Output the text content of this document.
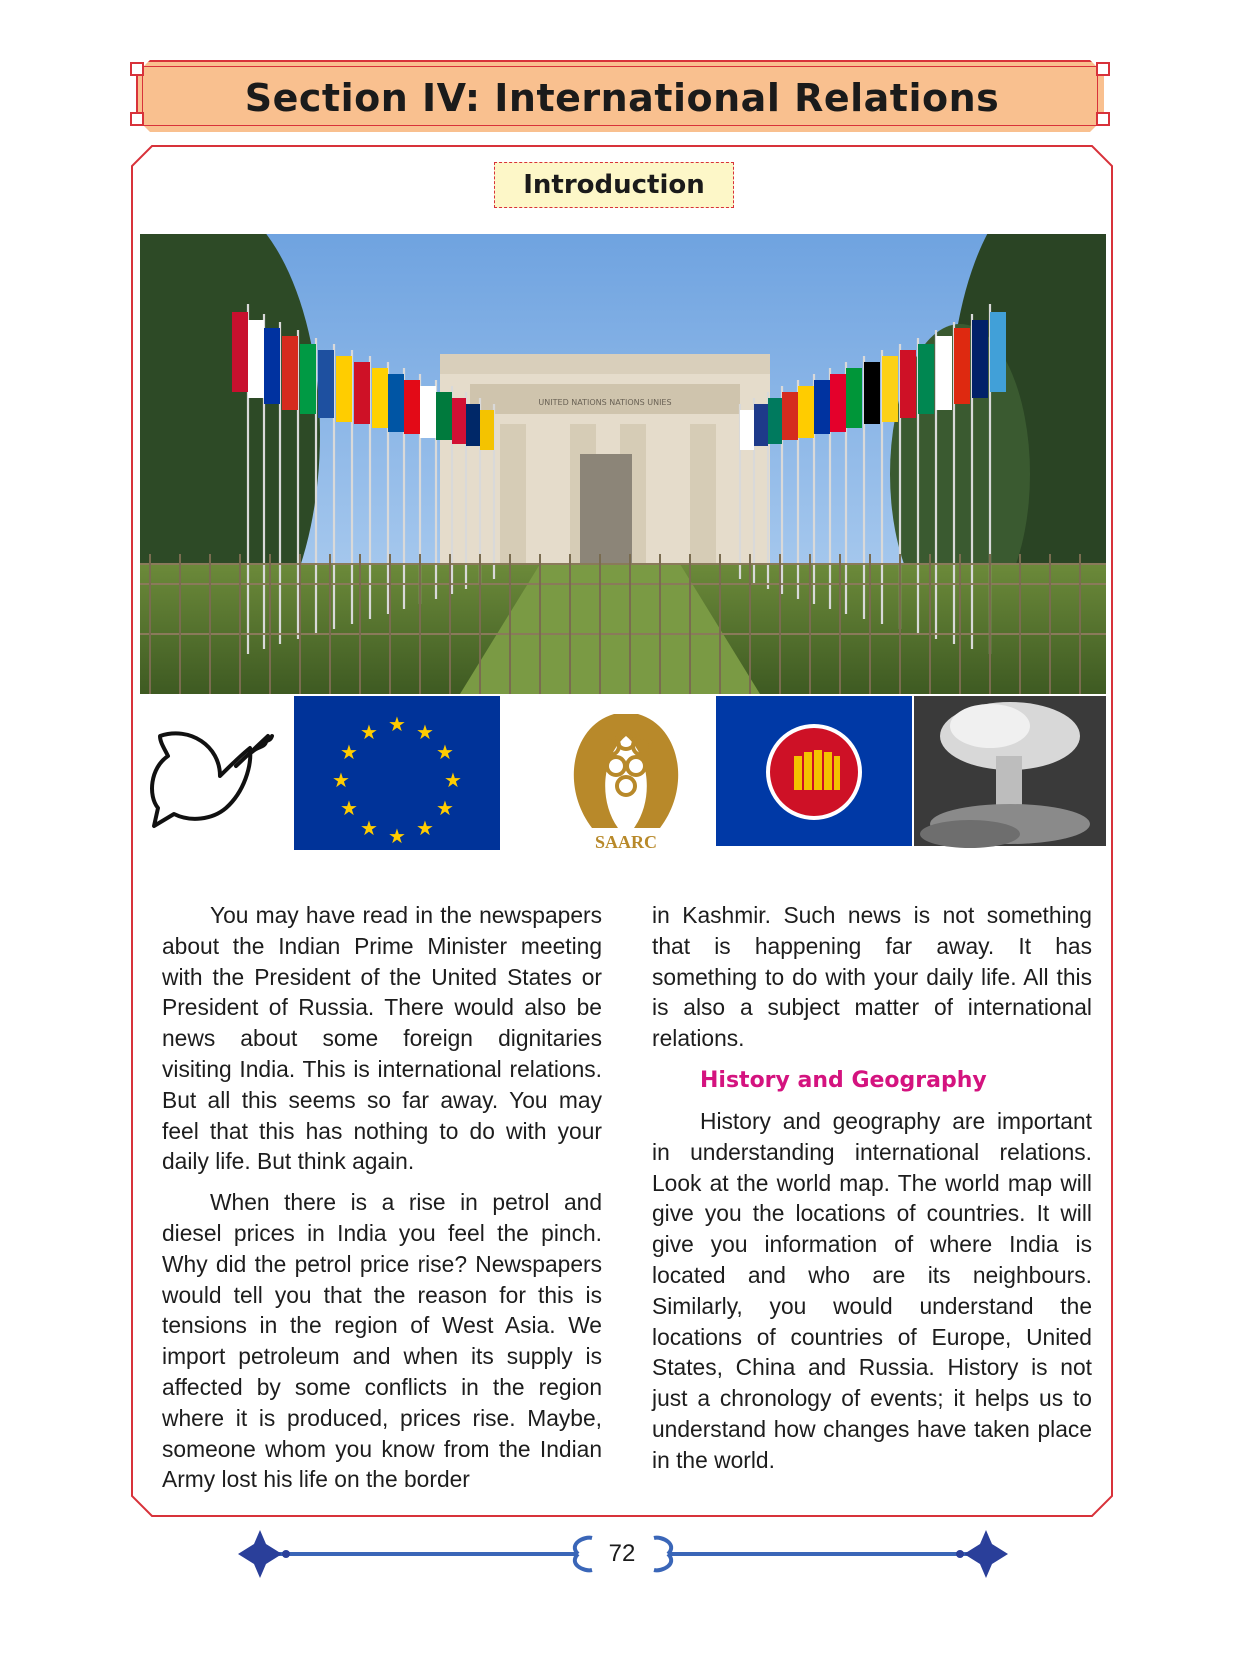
Section IV: International Relations
Introduction
UNITED NATIONS NATIONS UNIES
★ ★
★
★
★
★
★
★
★
★
★
★
SAARC

You may have read in the newspapers about the Indian Prime Minister meeting with the President of the United States or President of Russia. There would also be news about some foreign dignitaries visiting India. This is international relations. But all this seems so far away. You may feel that this has nothing to do with your daily life. But think again.

When there is a rise in petrol and diesel prices in India you feel the pinch. Why did the petrol price rise? Newspapers would tell you that the reason for this is tensions in the region of West Asia. We import petroleum and when its supply is affected by some conflicts in the region where it is produced, prices rise. Maybe, someone whom you know from the Indian Army lost his life on the border

in Kashmir. Such news is not something that is happening far away. It has something to do with your daily life. All this is also a subject matter of international relations.

History and Geography

History and geography are important in understanding international relations. Look at the world map. The world map will give you the locations of countries. It will give you information of where India is located and who are its neighbours. Similarly, you would understand the locations of countries of Europe, United States, China and Russia. History is not just a chronology of events; it helps us to understand how changes have taken place in the world.

72
